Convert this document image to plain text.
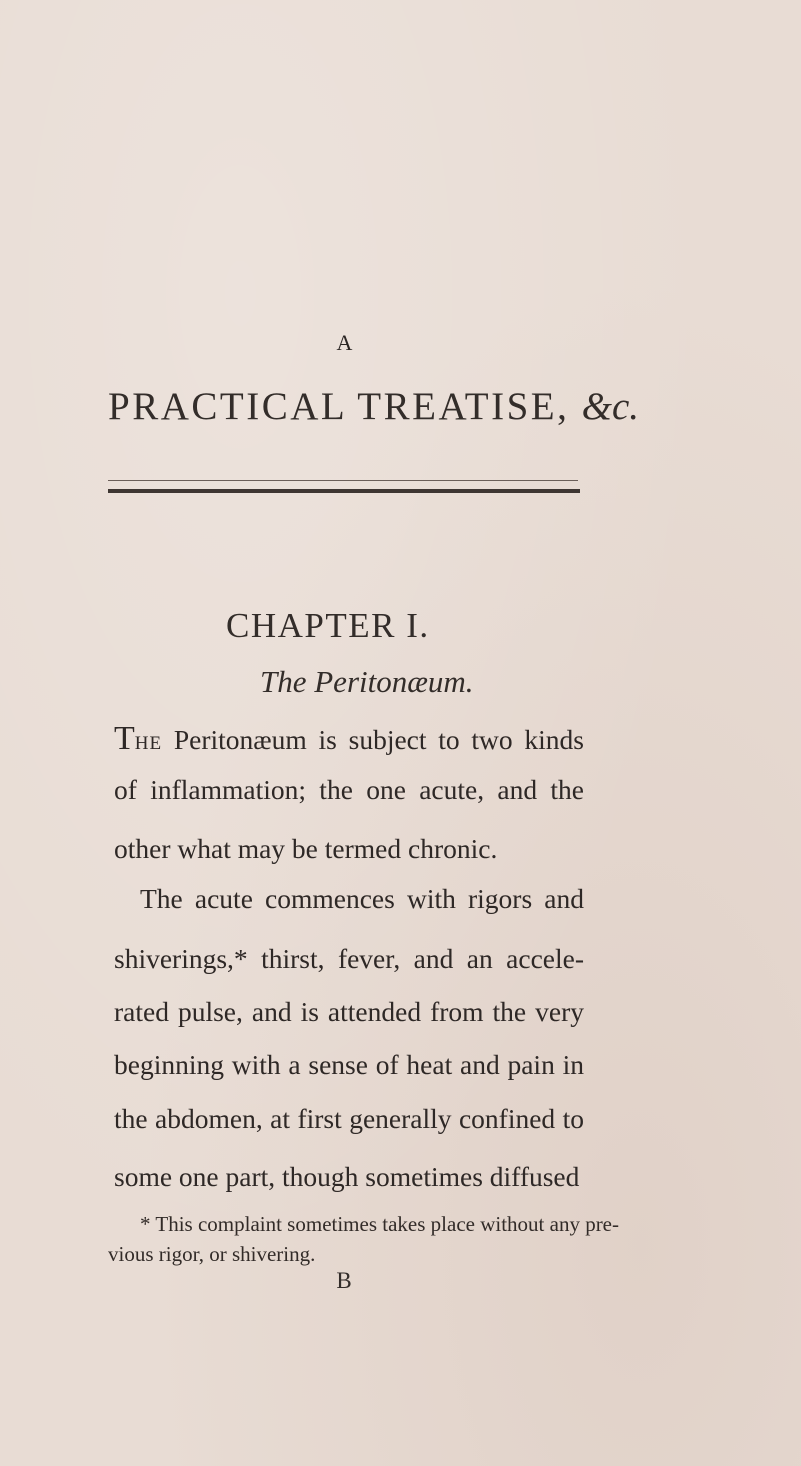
A
PRACTICAL TREATISE, &c.
CHAPTER I.
The Peritonæum.
THE Peritonæum is subject to two kinds
of inflammation; the one acute, and the
other what may be termed chronic.
The acute commences with rigors and
shiverings,* thirst, fever, and an accele-
rated pulse, and is attended from the very
beginning with a sense of heat and pain in
the abdomen, at first generally confined to
some one part, though sometimes diffused
* This complaint sometimes takes place without any pre-
vious rigor, or shivering.
B
